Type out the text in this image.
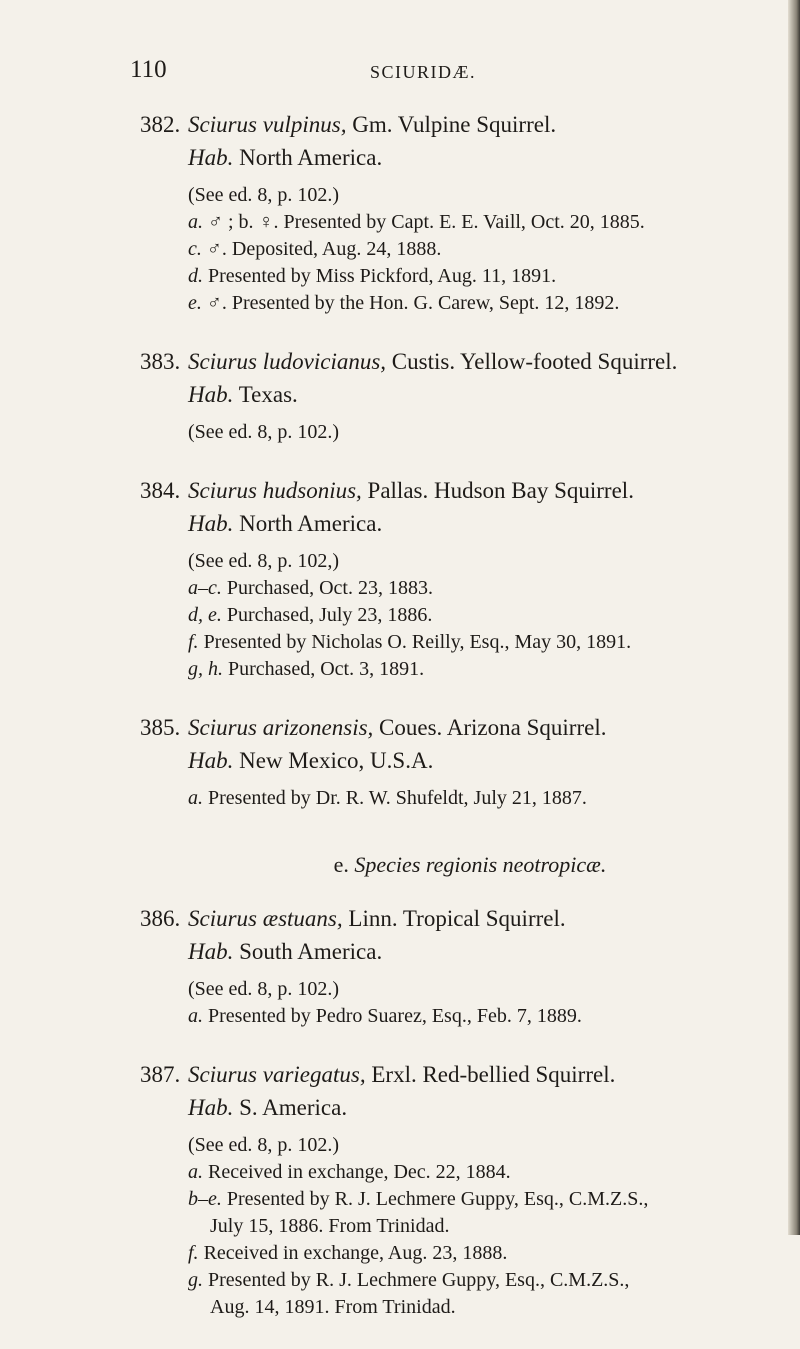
110	SCIURIDÆ.
382. Sciurus vulpinus, Gm. Vulpine Squirrel.
Hab. North America.
(See ed. 8, p. 102.)
a. ♂ ; b. ♀. Presented by Capt. E. E. Vaill, Oct. 20, 1885.
c. ♂. Deposited, Aug. 24, 1888.
d. Presented by Miss Pickford, Aug. 11, 1891.
e. ♂. Presented by the Hon. G. Carew, Sept. 12, 1892.
383. Sciurus ludovicianus, Custis. Yellow-footed Squirrel.
Hab. Texas.
(See ed. 8, p. 102.)
384. Sciurus hudsonius, Pallas. Hudson Bay Squirrel.
Hab. North America.
(See ed. 8, p. 102,)
a–c. Purchased, Oct. 23, 1883.
d, e. Purchased, July 23, 1886.
f. Presented by Nicholas O. Reilly, Esq., May 30, 1891.
g, h. Purchased, Oct. 3, 1891.
385. Sciurus arizonensis, Coues. Arizona Squirrel.
Hab. New Mexico, U.S.A.
a. Presented by Dr. R. W. Shufeldt, July 21, 1887.
e. Species regionis neotropicæ.
386. Sciurus æstuans, Linn. Tropical Squirrel.
Hab. South America.
(See ed. 8, p. 102.)
a. Presented by Pedro Suarez, Esq., Feb. 7, 1889.
387. Sciurus variegatus, Erxl. Red-bellied Squirrel.
Hab. S. America.
(See ed. 8, p. 102.)
a. Received in exchange, Dec. 22, 1884.
b–e. Presented by R. J. Lechmere Guppy, Esq., C.M.Z.S.,
July 15, 1886. From Trinidad.
f. Received in exchange, Aug. 23, 1888.
g. Presented by R. J. Lechmere Guppy, Esq., C.M.Z.S.,
Aug. 14, 1891. From Trinidad.
